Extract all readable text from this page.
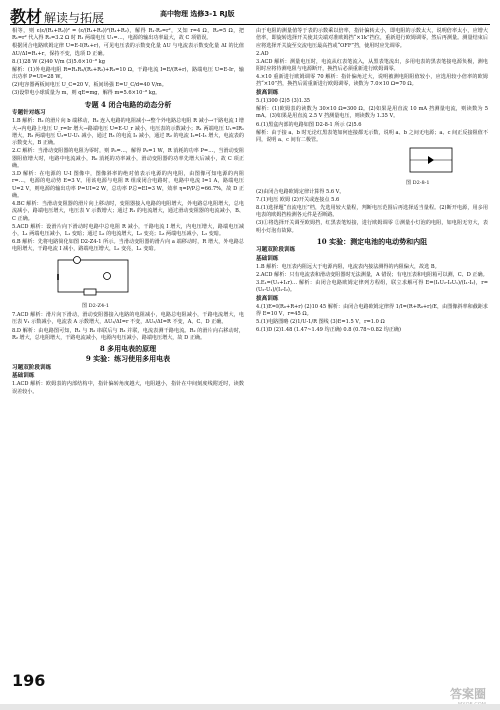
教材 解读与拓展	高中物理 选修3-1 RJ版

相等，则 ε(ε/(R₁+R₂))² = (ε/(R₁+R₂))²(R₁+R₂)，解得 R₁·R₂=r²，又知 r=4 Ω，R₂=5 Ω，把 R₁=r² 代入得 R₁=3.2 Ω 时 R₁ 两端电压 U₁=…，电源的输出功率最大，故 C 项错误。

根据闭合电路欧姆定律 U=E-I(R₁+r)，可见电压表的示数变化量 ΔU 与电流表示数变化量 ΔI 的比值 ΔU/ΔI=R₁+r，保持不变，选项 D 正确。

8.(1)28 W (2)40 V/m (3)5.6×10⁻⁸ kg

解析：(1)外电路电阻 R=R₁R₂/(R₁+R₂)+R₃=10 Ω，干路电流 I=E/(R+r)，路端电压 U=E-Ir，输出功率 P=UI=28 W。

(2)电容器两板间电压 U_C=20 V，板间场强 E=U_C/d=40 V/m。

(3)设带电小球质量为 m，则 qE=mg，解得 m=5.6×10⁻⁸ kg。

专题 4 闭合电路的动态分析
专题针对练习

1.B 解析：R₂ 的滑片向 b 端移动，R₂ 连入电路的电阻减小→整个外电路总电阻 R 减小→干路电流 I 增大→内电路上电压 U_r=Ir 增大→路端电压 U=E-U_r 减小，电压表的示数减小；R₁ 两端电压 U₁=IR₁ 增大，R₃ 两端电压 U₃=U-U₁ 减小，通过 R₃ 的电流 I₃ 减小，通过 R₂ 的电流 I₂=I-I₃ 增大，电流表的示数变大，B 正确。

2.C 解析：当滑动变阻器的电阻为零时，则 P₀=…，解得 P₀=1 W，R 消耗的功率 P=…，当滑动变阻器阻值增大时，电路中电流减小，R₀ 消耗的功率减小，滑动变阻器的功率先增大后减小，故 C 项正确。

3.D 解析：在电源的 U-I 图像中，图像斜率的绝对值表示电源的内电阻，由图像可知电源的内阻 r=…，电源的电动势 E=3 V。用该电源与电阻 R 组成闭合电路时，电路中电流 I=1 A，路端电压 U=2 V，则电源的输出功率 P=UI=2 W，总功率 P总=EI=3 W，效率 η=P/P总=66.7%，故 D 正确。

4.BC 解析：当滑动变阻器的滑片向上移动时，变阻器接入电路的电阻增大，外电路总电阻增大，总电流减小，路端电压增大，电压表 V 示数增大；通过 R₁ 的电流增大，通过滑动变阻器的电流减小，B、C 正确。

5.ACD 解析：设滑片向下滑动时电路中总电阻 R 减小，干路电流 I 增大，内电压增大，路端电压减小，L₁ 两端电压减小，L₁ 变暗；通过 L₂ 的电流增大，L₂ 变亮；L₃ 两端电压减小，L₃ 变暗。

6.B 解析：先将电路简化如图 D2-Z4-1 所示。当滑动变阻器的滑片向 a 端移动时，R 增大，外电路总电阻增大，干路电流 I 减小，路端电压增大，L₂ 变亮，L₁ 变暗。

图 D2-Z4-1

7.ACD 解析：滑片向下滑动，滑动变阻器接入电路的电阻减小，电路总电阻减小，干路电流增大，电压表 V₁ 示数减小，电流表 A 示数增大，ΔU₁/ΔI=r 不变，ΔU₂/ΔI=R 不变，A、C、D 正确。

8.D 解析：由电路图可知，R₁ 与 R₂ 串联后与 R₃ 并联，电流表测干路电流。R₂ 的滑片向右移动时，R₂ 增大，总电阻增大，干路电流减小，电源内电压减小，路端电压增大，故 D 正确。

8 多用电表的原理
9 实验：练习使用多用电表
习题双阶段训练
基础训练

1.ACD 解析：欧姆表的内部结构中，指针偏转角度越大，电阻越小，指针在中间刻度线附近时，读数误差较小。

由于电阻的测量值等于表的示数乘以倍率，指针偏转太小，即电阻的示数太大，说明倍率太小，应增大倍率，即旋转选择开关使其尖端对准欧姆挡“×1k”挡位，重新进行欧姆调零，然后再测量。测量结束后应将选择开关旋至交流电压最高挡或“OFF”挡，使用时应先调零。

2.AD

3.ACD 解析：测量电压时，电流从红表笔流入，从黑表笔流出，多用电表的黑表笔接电源负极，测电阻时应将待测电阻与电源断开，换挡后必须重新进行欧姆调零。

4.×10 重新进行欧姆调零 70 解析：指针偏角过大，说明被测电阻阻值较小，应选用较小倍率的欧姆挡“×10”挡，换挡后需重新进行欧姆调零，读数为 7.0×10 Ω=70 Ω。

拔高训练

5.(1)300 (2)5 (3)1.35

解析：(1)欧姆表的读数为 30×10 Ω=300 Ω。(2)如果是用直流 10 mA 挡测量电流，则读数为 5 mA。(3)如果是用直流 2.5 V 挡测量电压，则读数为 1.35 V。

6.(1)黑盒内部的电路如图 D2-8-1 所示 (2)5.6

解析：由于接 a、b 时无论红黑表笔如何连接都无示数，说明 a、b 之间无电源；a、c 间正反接阻值不同，说明 a、c 间有二极管。

图 D2-8-1

(2)由闭合电路欧姆定律计算得 5.6 V。

7.(1)电压 欧姆 (2)开关或连接点 5.6

8.(1)选择题“直流电压”档，先选用较大量程，判断电压范围后再选择适当量程。(2)断开电源，用多用电表的欧姆挡检测各元件是否断路。

(3)①将选择开关调至欧姆挡，红黑表笔短接，进行欧姆调零 ②测量小灯泡的电阻，如电阻无穷大，表明小灯泡有故障。

10 实验：测定电池的电动势和内阻
习题双阶段训练
基础训练

1.B 解析：电压表内阻远大于电源内阻，电流表内接法测得的内阻偏大，故选 B。

2.ACD 解析：只有电流表和滑动变阻器时无法测量，A 错误；有电压表和电阻箱可以测，C、D 正确。

3.E₁=(U₁+I₁r)… 解析：由闭合电路欧姆定律列方程组，联立求解可得 E=(I₁U₂-I₂U₁)/(I₁-I₂)，r=(U₂-U₁)/(I₁-I₂)。

拔高训练

4.(1)E=I(R₀+R+r) (2)10 45 解析：由闭合电路欧姆定律得 1/I=(R+R₀+r)/E，由图像斜率和截距求得 E=10 V，r=45 Ω。

5.(1)电路图略 (2)1/U-1/R 图线 (3)E=1.5 V，r=1.0 Ω

6.(1)D (2)1.48 (1.47~1.49 均正确) 0.8 (0.78~0.82 均正确)

196
答案圈
